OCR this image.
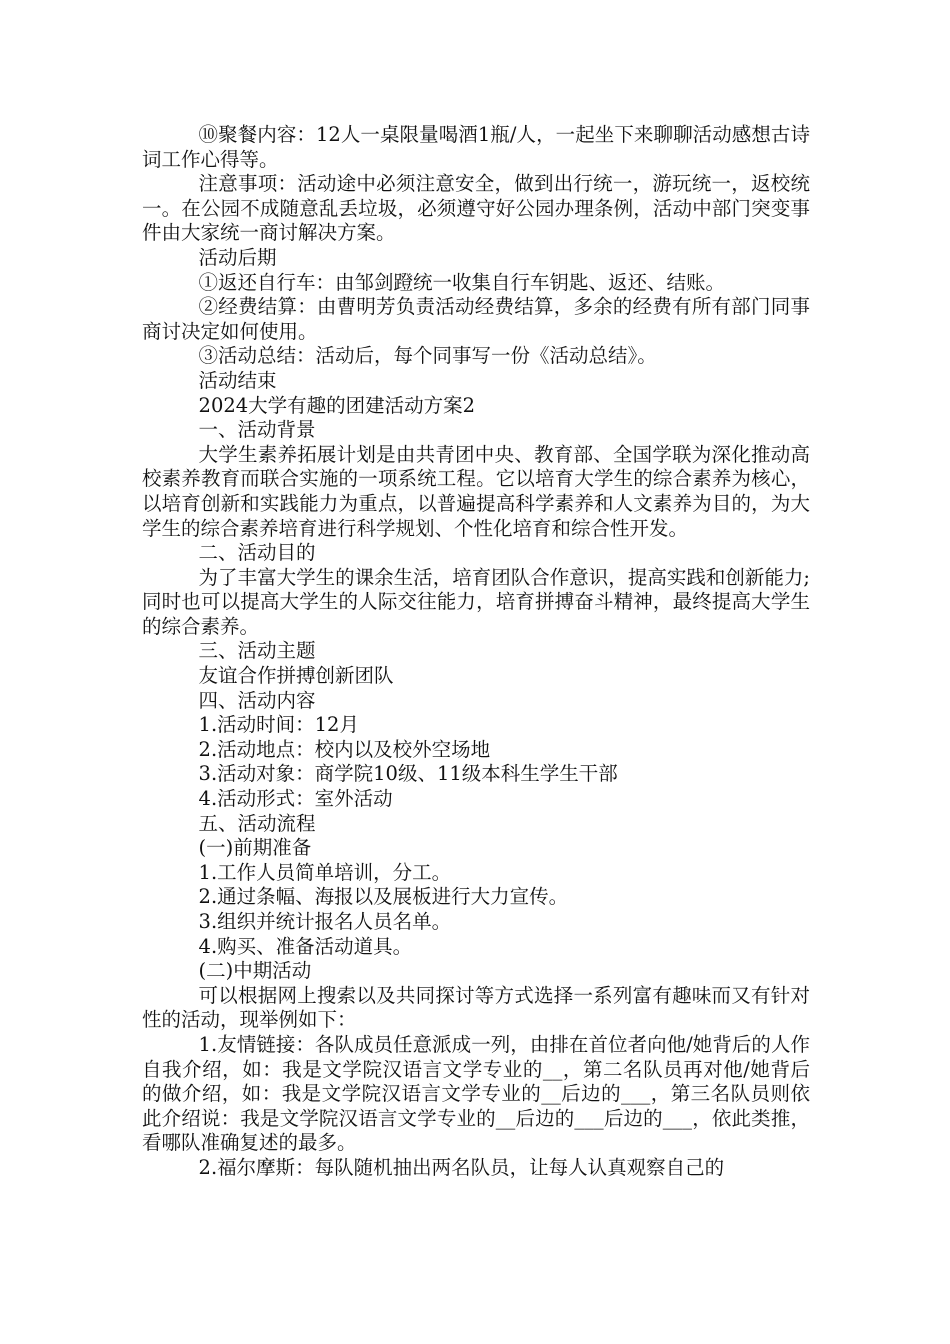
⑩聚餐内容：12人一桌限量喝酒1瓶/人，一起坐下来聊聊活动感想古诗词工作心得等。

注意事项：活动途中必须注意安全，做到出行统一，游玩统一，返校统一。在公园不成随意乱丢垃圾，必须遵守好公园办理条例，活动中部门突变事件由大家统一商讨解决方案。

活动后期

①返还自行车：由邹剑蹬统一收集自行车钥匙、返还、结账。

②经费结算：由曹明芳负责活动经费结算，多余的经费有所有部门同事商讨决定如何使用。

③活动总结：活动后，每个同事写一份《活动总结》。

活动结束

2024大学有趣的团建活动方案2

一、活动背景

大学生素养拓展计划是由共青团中央、教育部、全国学联为深化推动高校素养教育而联合实施的一项系统工程。它以培育大学生的综合素养为核心，以培育创新和实践能力为重点，以普遍提高科学素养和人文素养为目的，为大学生的综合素养培育进行科学规划、个性化培育和综合性开发。

二、活动目的

为了丰富大学生的课余生活，培育团队合作意识，提高实践和创新能力;同时也可以提高大学生的人际交往能力，培育拼搏奋斗精神，最终提高大学生的综合素养。

三、活动主题

友谊合作拼搏创新团队

四、活动内容

1.活动时间：12月

2.活动地点：校内以及校外空场地

3.活动对象：商学院10级、11级本科生学生干部

4.活动形式：室外活动

五、活动流程

(一)前期准备

1.工作人员简单培训，分工。

2.通过条幅、海报以及展板进行大力宣传。

3.组织并统计报名人员名单。

4.购买、准备活动道具。

(二)中期活动

可以根据网上搜索以及共同探讨等方式选择一系列富有趣味而又有针对性的活动，现举例如下：

1.友情链接：各队成员任意派成一列，由排在首位者向他/她背后的人作自我介绍，如：我是文学院汉语言文学专业的__，第二名队员再对他/她背后的做介绍，如：我是文学院汉语言文学专业的__后边的___，第三名队员则依此介绍说：我是文学院汉语言文学专业的__后边的___后边的___，依此类推，看哪队准确复述的最多。

2.福尔摩斯：每队随机抽出两名队员，让每人认真观察自己的
